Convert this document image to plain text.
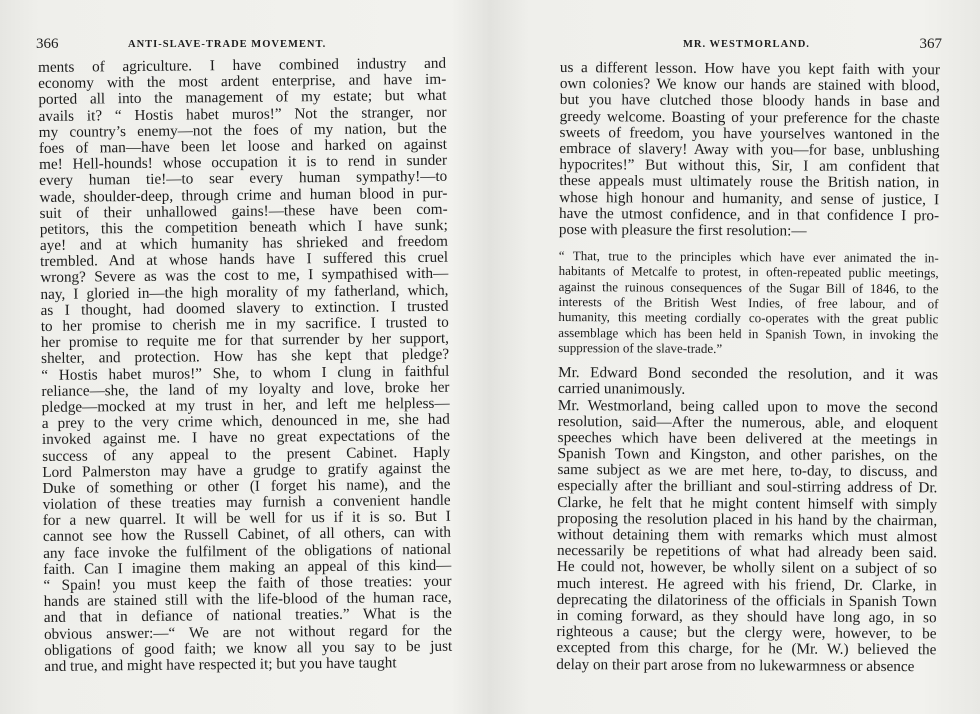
366	ANTI-SLAVE-TRADE MOVEMENT.
ments of agriculture. I have combined industry and
economy with the most ardent enterprise, and have im-
ported all into the management of my estate; but what
avails it? “ Hostis habet muros!” Not the stranger, nor
my country’s enemy—not the foes of my nation, but the
foes of man—have been let loose and harked on against
me! Hell-hounds! whose occupation it is to rend in sunder
every human tie!—to sear every human sympathy!—to
wade, shoulder-deep, through crime and human blood in pur-
suit of their unhallowed gains!—these have been com-
petitors, this the competition beneath which I have sunk;
aye! and at which humanity has shrieked and freedom
trembled. And at whose hands have I suffered this cruel
wrong? Severe as was the cost to me, I sympathised with—
nay, I gloried in—the high morality of my fatherland, which,
as I thought, had doomed slavery to extinction. I trusted
to her promise to cherish me in my sacrifice. I trusted to
her promise to requite me for that surrender by her support,
shelter, and protection. How has she kept that pledge?
“ Hostis habet muros!” She, to whom I clung in faithful
reliance—she, the land of my loyalty and love, broke her
pledge—mocked at my trust in her, and left me helpless—
a prey to the very crime which, denounced in me, she had
invoked against me. I have no great expectations of the
success of any appeal to the present Cabinet. Haply
Lord Palmerston may have a grudge to gratify against the
Duke of something or other (I forget his name), and the
violation of these treaties may furnish a convenient handle
for a new quarrel. It will be well for us if it is so. But I
cannot see how the Russell Cabinet, of all others, can with
any face invoke the fulfilment of the obligations of national
faith. Can I imagine them making an appeal of this kind—
“ Spain! you must keep the faith of those treaties: your
hands are stained still with the life-blood of the human race,
and that in defiance of national treaties.” What is the
obvious answer:—“ We are not without regard for the
obligations of good faith; we know all you say to be just
and true, and might have respected it; but you have taught
MR. WESTMORLAND.	367
us a different lesson. How have you kept faith with your
own colonies? We know our hands are stained with blood,
but you have clutched those bloody hands in base and
greedy welcome. Boasting of your preference for the chaste
sweets of freedom, you have yourselves wantoned in the
embrace of slavery! Away with you—for base, unblushing
hypocrites!” But without this, Sir, I am confident that
these appeals must ultimately rouse the British nation, in
whose high honour and humanity, and sense of justice, I
have the utmost confidence, and in that confidence I pro-
pose with pleasure the first resolution:—
“ That, true to the principles which have ever animated the in-
habitants of Metcalfe to protest, in often-repeated public meetings,
against the ruinous consequences of the Sugar Bill of 1846, to the
interests of the British West Indies, of free labour, and of
humanity, this meeting cordially co-operates with the great public
assemblage which has been held in Spanish Town, in invoking the
suppression of the slave-trade.”
Mr. Edward Bond seconded the resolution, and it was
carried unanimously.
Mr. Westmorland, being called upon to move the second
resolution, said—After the numerous, able, and eloquent
speeches which have been delivered at the meetings in
Spanish Town and Kingston, and other parishes, on the
same subject as we are met here, to-day, to discuss, and
especially after the brilliant and soul-stirring address of Dr.
Clarke, he felt that he might content himself with simply
proposing the resolution placed in his hand by the chairman,
without detaining them with remarks which must almost
necessarily be repetitions of what had already been said.
He could not, however, be wholly silent on a subject of so
much interest. He agreed with his friend, Dr. Clarke, in
deprecating the dilatoriness of the officials in Spanish Town
in coming forward, as they should have long ago, in so
righteous a cause; but the clergy were, however, to be
excepted from this charge, for he (Mr. W.) believed the
delay on their part arose from no lukewarmness or absence
